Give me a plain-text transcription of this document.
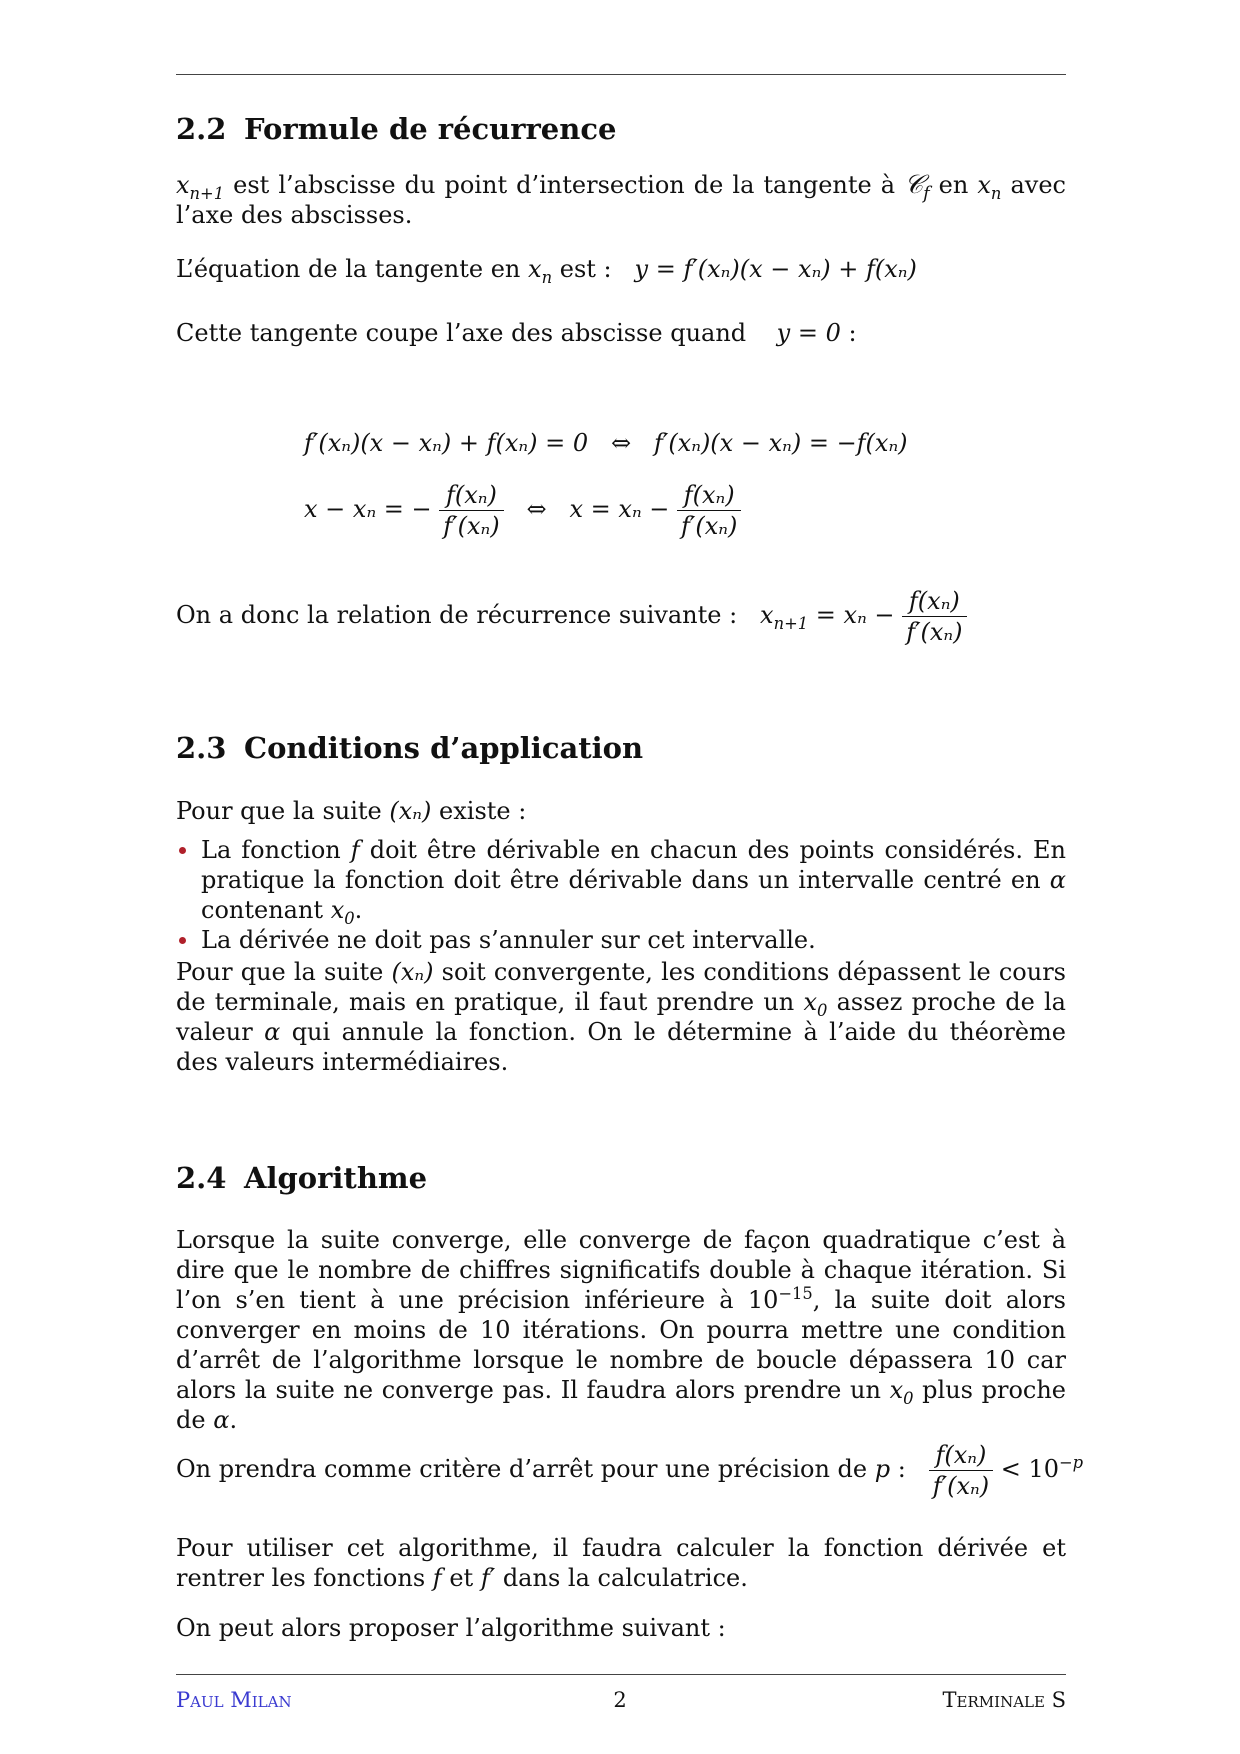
2.2 Formule de récurrence

$x_{n+1}$ est l’abscisse du point d’intersection de la tangente à 𝒞$_f$ en $x_n$ avec l’axe des abscisses.

L’équation de la tangente en $x_n$ est : y = f′(xₙ)(x − xₙ) + f(xₙ)

Cette tangente coupe l’axe des abscisse quand y = 0 :

f′(xₙ)(x − xₙ) + f(xₙ) = 0 ⇔ f′(xₙ)(x − xₙ) = −f(xₙ)
x − xₙ = − $\frac{\text{f(xₙ)}}{\text{f′(xₙ)}}$ ⇔ $x = x_n - \frac{\text{f(xₙ)}}{\text{f′(xₙ)}}$
On a donc la relation de récurrence suivante : $x_{n+1} = x_n - \frac{\text{f(xₙ)}}{\text{f′(xₙ)}}$
2.3 Conditions d’application

Pour que la suite (xₙ) existe :

La fonction f doit être dérivable en chacun des points considérés. En pratique la fonction doit être dérivable dans un intervalle centré en α contenant $x_0$.
La dérivée ne doit pas s’annuler sur cet intervalle.

Pour que la suite (xₙ) soit convergente, les conditions dépassent le cours de terminale, mais en pratique, il faut prendre un $x_0$ assez proche de la valeur α qui annule la fonction. On le détermine à l’aide du théorème des valeurs intermédiaires.

2.4 Algorithme

Lorsque la suite converge, elle converge de façon quadratique c’est à dire que le nombre de chiffres significatifs double à chaque itération. Si l’on s’en tient à une précision inférieure à $10^{-15}$, la suite doit alors converger en moins de 10 itérations. On pourra mettre une condition d’arrêt de l’algorithme lorsque le nombre de boucle dépassera 10 car alors la suite ne converge pas. Il faudra alors prendre un $x_0$ plus proche de α.

On prendra comme critère d’arrêt pour une précision de p : $\frac{\text{f(xₙ)}}{\text{f′(xₙ)}} < 10^{-p}$

Pour utiliser cet algorithme, il faudra calculer la fonction dérivée et rentrer les fonctions f et f′ dans la calculatrice.

On peut alors proposer l’algorithme suivant :

Paul Milan	2	Terminale S
